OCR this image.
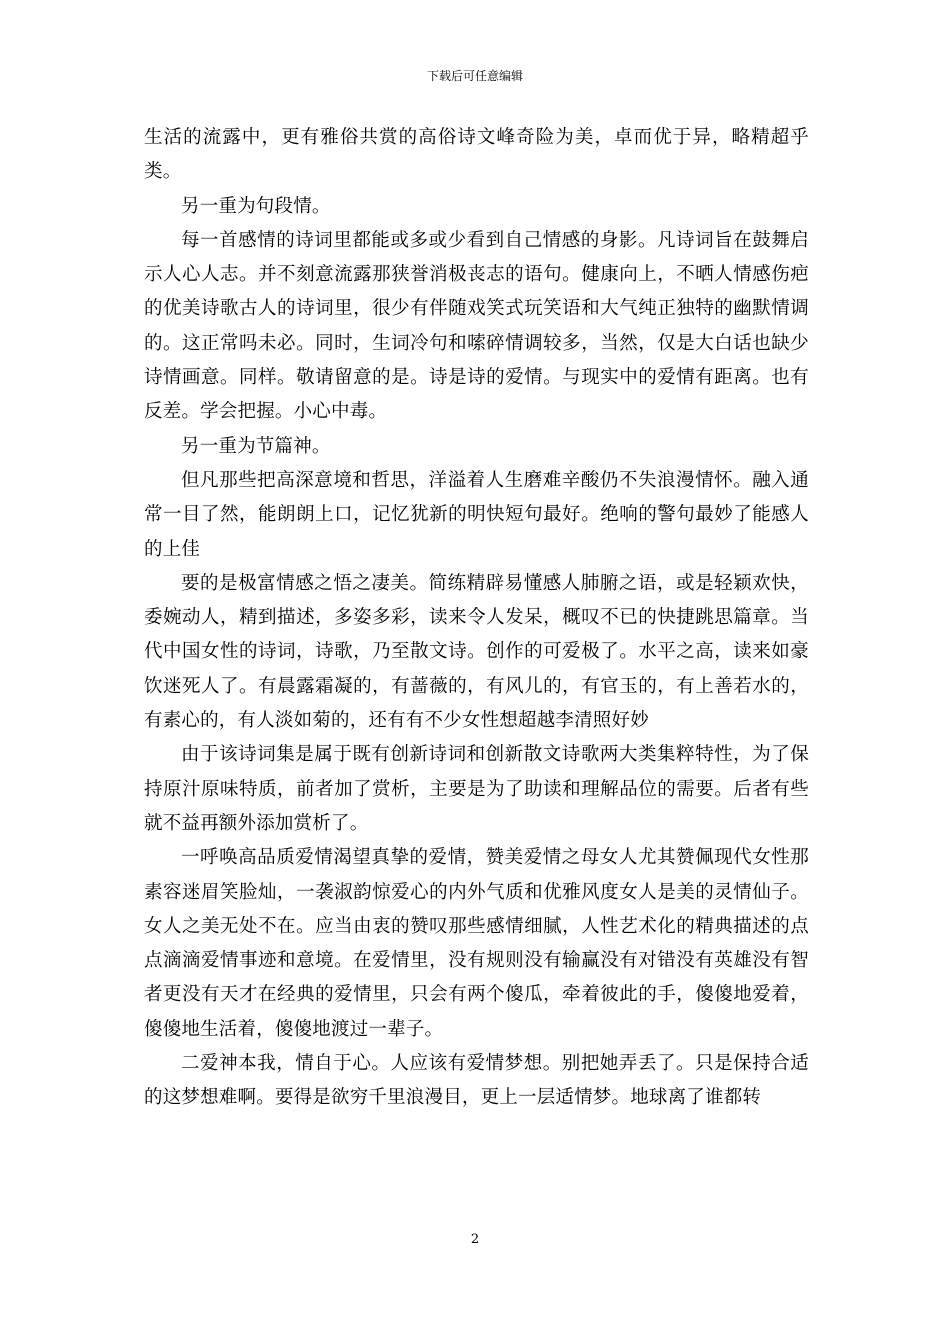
下载后可任意编辑

生活的流露中，更有雅俗共赏的高俗诗文峰奇险为美，卓而优于异，略精超乎类。

另一重为句段情。

每一首感情的诗词里都能或多或少看到自己情感的身影。凡诗词旨在鼓舞启示人心人志。并不刻意流露那狭誉消极丧志的语句。健康向上，不晒人情感伤疤的优美诗歌古人的诗词里，很少有伴随戏笑式玩笑语和大气纯正独特的幽默情调的。这正常吗未必。同时，生词冷句和嗦碎情调较多，当然，仅是大白话也缺少诗情画意。同样。敬请留意的是。诗是诗的爱情。与现实中的爱情有距离。也有反差。学会把握。小心中毒。

另一重为节篇神。

但凡那些把高深意境和哲思，洋溢着人生磨难辛酸仍不失浪漫情怀。融入通常一目了然，能朗朗上口，记忆犹新的明快短句最好。绝响的警句最妙了能感人的上佳

要的是极富情感之悟之凄美。简练精辟易懂感人肺腑之语，或是轻颖欢快，委婉动人，精到描述，多姿多彩，读来令人发呆，概叹不已的快捷跳思篇章。当代中国女性的诗词，诗歌，乃至散文诗。创作的可爱极了。水平之高，读来如豪饮迷死人了。有晨露霜凝的，有蔷薇的，有风儿的，有官玉的，有上善若水的，有素心的，有人淡如菊的，还有有不少女性想超越李清照好妙

由于该诗词集是属于既有创新诗词和创新散文诗歌两大类集粹特性，为了保持原汁原味特质，前者加了赏析，主要是为了助读和理解品位的需要。后者有些就不益再额外添加赏析了。

一呼唤高品质爱情渴望真挚的爱情，赞美爱情之母女人尤其赞佩现代女性那素容迷眉笑脸灿，一袭淑韵惊爱心的内外气质和优雅风度女人是美的灵情仙子。女人之美无处不在。应当由衷的赞叹那些感情细腻，人性艺术化的精典描述的点点滴滴爱情事迹和意境。在爱情里，没有规则没有输赢没有对错没有英雄没有智者更没有天才在经典的爱情里，只会有两个傻瓜，牵着彼此的手，傻傻地爱着，傻傻地生活着，傻傻地渡过一辈子。

二爱神本我，情自于心。人应该有爱情梦想。别把她弄丢了。只是保持合适的这梦想难啊。要得是欲穷千里浪漫目，更上一层适情梦。地球离了谁都转

2
